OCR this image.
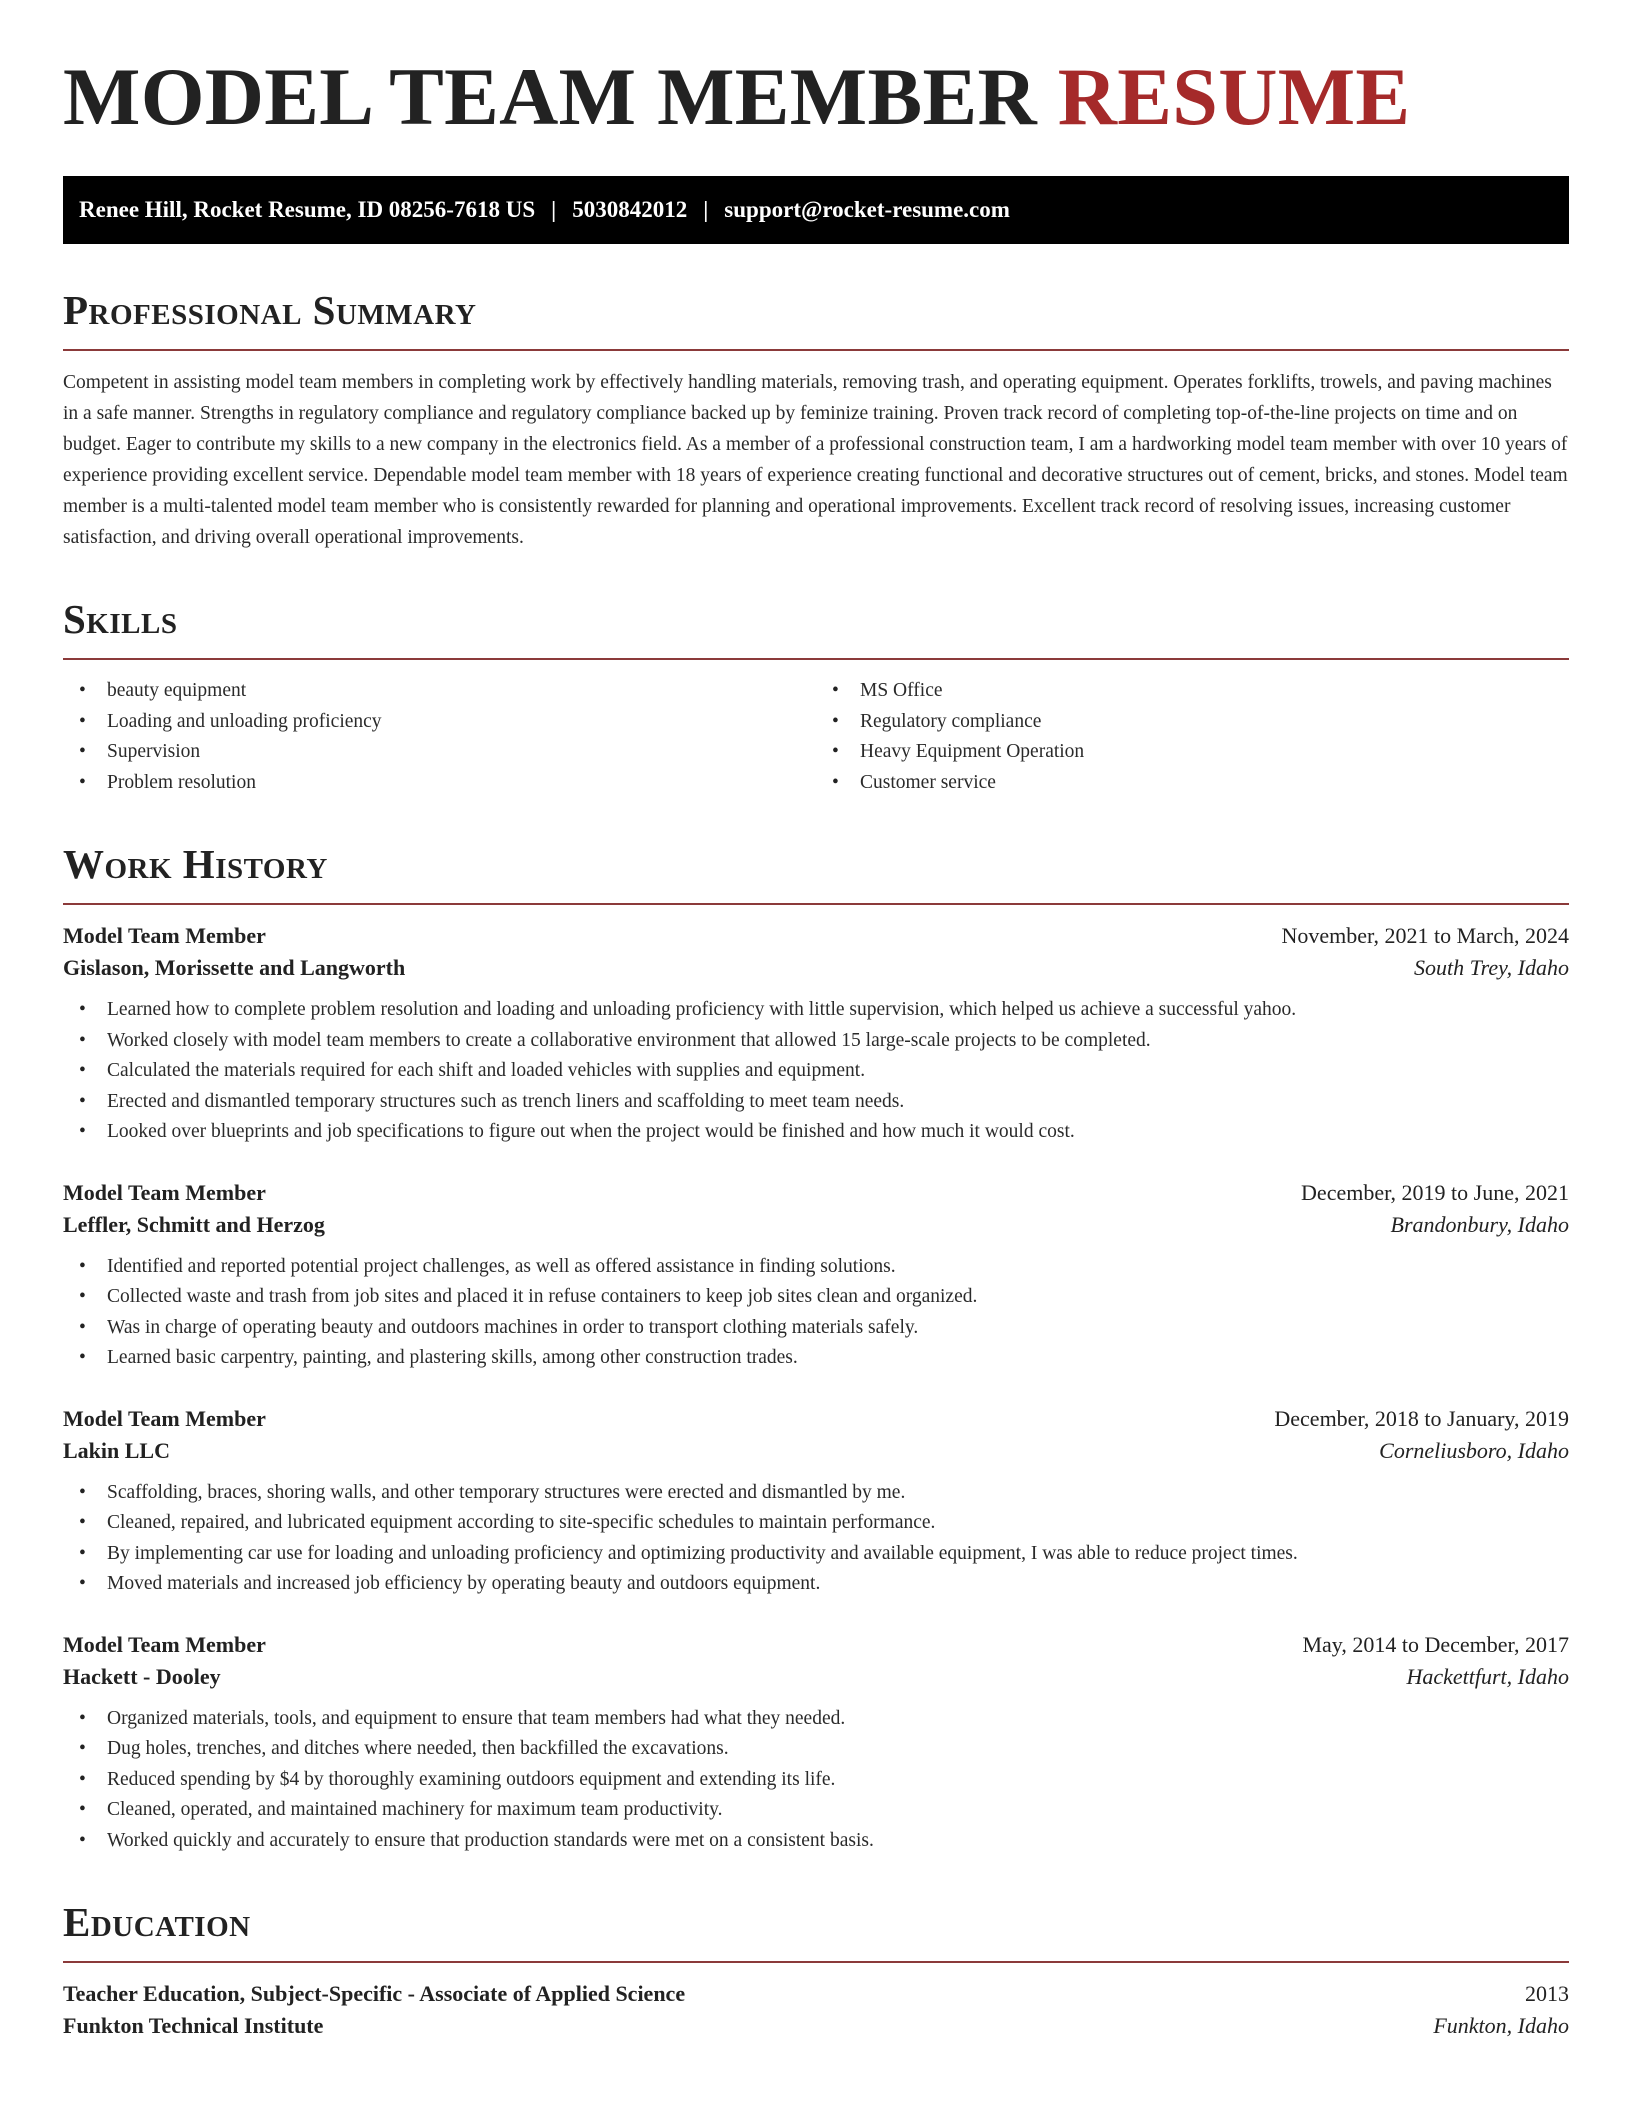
MODEL TEAM MEMBER RESUME
Renee Hill, Rocket Resume, ID 08256-7618 US | 5030842012 | support@rocket-resume.com
Professional Summary

Competent in assisting model team members in completing work by effectively handling materials, removing trash, and operating equipment. Operates forklifts, trowels, and paving machines in a safe manner. Strengths in regulatory compliance and regulatory compliance backed up by feminize training. Proven track record of completing top-of-the-line projects on time and on budget. Eager to contribute my skills to a new company in the electronics field. As a member of a professional construction team, I am a hardworking model team member with over 10 years of experience providing excellent service. Dependable model team member with 18 years of experience creating functional and decorative structures out of cement, bricks, and stones. Model team member is a multi-talented model team member who is consistently rewarded for planning and operational improvements. Excellent track record of resolving issues, increasing customer satisfaction, and driving overall operational improvements.

Skills
• beauty equipment
• Loading and unloading proficiency
• Supervision
• Problem resolution
• MS Office
• Regulatory compliance
• Heavy Equipment Operation
• Customer service
Work History
Model Team Member	November, 2021 to March, 2024
Gislason, Morissette and Langworth	South Trey, Idaho
• Learned how to complete problem resolution and loading and unloading proficiency with little supervision, which helped us achieve a successful yahoo.
• Worked closely with model team members to create a collaborative environment that allowed 15 large-scale projects to be completed.
• Calculated the materials required for each shift and loaded vehicles with supplies and equipment.
• Erected and dismantled temporary structures such as trench liners and scaffolding to meet team needs.
• Looked over blueprints and job specifications to figure out when the project would be finished and how much it would cost.
Model Team Member	December, 2019 to June, 2021
Leffler, Schmitt and Herzog	Brandonbury, Idaho
• Identified and reported potential project challenges, as well as offered assistance in finding solutions.
• Collected waste and trash from job sites and placed it in refuse containers to keep job sites clean and organized.
• Was in charge of operating beauty and outdoors machines in order to transport clothing materials safely.
• Learned basic carpentry, painting, and plastering skills, among other construction trades.
Model Team Member	December, 2018 to January, 2019
Lakin LLC	Corneliusboro, Idaho
• Scaffolding, braces, shoring walls, and other temporary structures were erected and dismantled by me.
• Cleaned, repaired, and lubricated equipment according to site-specific schedules to maintain performance.
• By implementing car use for loading and unloading proficiency and optimizing productivity and available equipment, I was able to reduce project times.
• Moved materials and increased job efficiency by operating beauty and outdoors equipment.
Model Team Member	May, 2014 to December, 2017
Hackett - Dooley	Hackettfurt, Idaho
• Organized materials, tools, and equipment to ensure that team members had what they needed.
• Dug holes, trenches, and ditches where needed, then backfilled the excavations.
• Reduced spending by $4 by thoroughly examining outdoors equipment and extending its life.
• Cleaned, operated, and maintained machinery for maximum team productivity.
• Worked quickly and accurately to ensure that production standards were met on a consistent basis.
Education
Teacher Education, Subject-Specific - Associate of Applied Science	2013
Funkton Technical Institute	Funkton, Idaho
